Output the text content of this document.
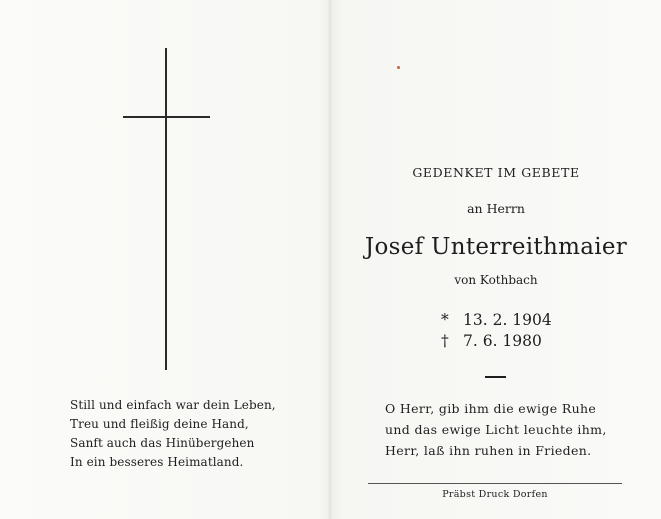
Still und einfach war dein Leben,
Treu und fleißig deine Hand,
Sanft auch das Hinübergehen
In ein besseres Heimatland.
GEDENKET IM GEBETE
an Herrn
Josef Unterreithmaier
von Kothbach
* 13. 2. 1904
† 7. 6. 1980
O Herr, gib ihm die ewige Ruhe
und das ewige Licht leuchte ihm,
Herr, laß ihn ruhen in Frieden.
Präbst Druck Dorfen
